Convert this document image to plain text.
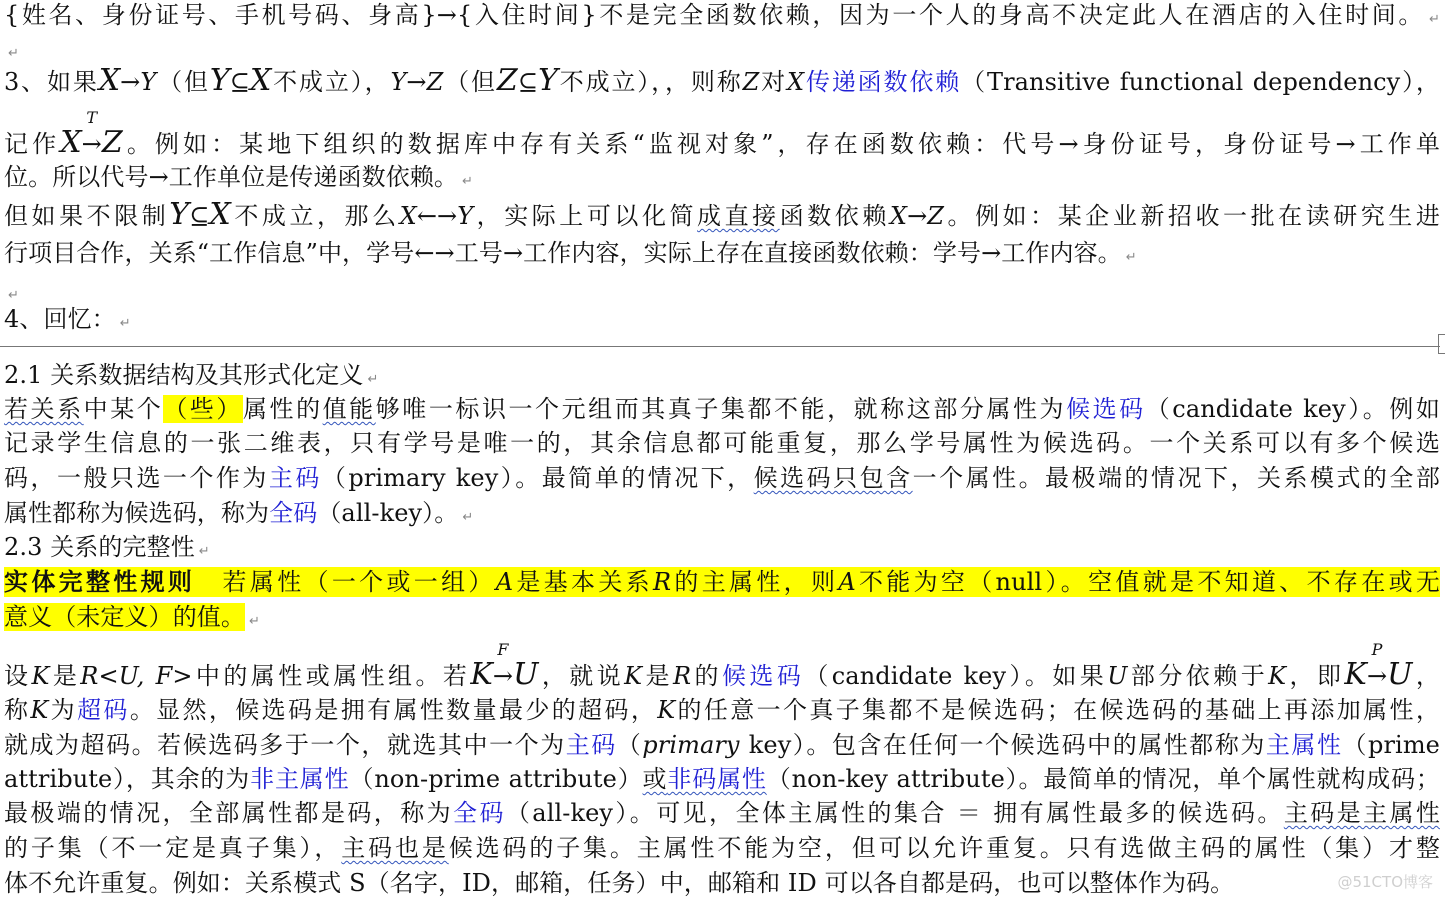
{姓名、身份证号、手机号码、身高}→{入住时间}不是完全函数依赖，因为一个人的身高不决定此人在酒店的入住时间。 ↵
↵
3、如果X→Y（但Y⊆X不成立），Y→Z（但Z⊆Y不成立），，则称Z对X传递函数依赖（Transitive functional dependency），
记作X
T
→Z。例如：某地下组织的数据库中存有关系“监视对象”，存在函数依赖：代号→身份证号，身份证号→工作单
位。所以代号→工作单位是传递函数依赖。 ↵
但如果不限制Y⊆X不成立，那么X←→Y，实际上可以化简成直接函数依赖X→Z。例如：某企业新招收一批在读研究生进
行项目合作，关系“工作信息”中，学号←→工号→工作内容，实际上存在直接函数依赖：学号→工作内容。 ↵
↵
4、回忆： ↵
2.1 关系数据结构及其形式化定义 ↵
若关系中某个（些）属性的值能够唯一标识一个元组而其真子集都不能，就称这部分属性为候选码（candidate key）。例如
记录学生信息的一张二维表，只有学号是唯一的，其余信息都可能重复，那么学号属性为候选码。一个关系可以有多个候选
码，一般只选一个作为主码（primary key）。最简单的情况下，候选码只包含一个属性。最极端的情况下，关系模式的全部
属性都称为候选码，称为全码（all-key）。 ↵
2.3 关系的完整性 ↵
实体完整性规则　若属性（一个或一组）A是基本关系R的主属性，则A不能为空（null）。空值就是不知道、不存在或无
意义（未定义）的值。 ↵
设K是R<U, F>中的属性或属性组。若K
F
→U，就说K是R的候选码（candidate key）。如果U部分依赖于K，即K
P
→U，
称K为超码。显然，候选码是拥有属性数量最少的超码，K的任意一个真子集都不是候选码；在候选码的基础上再添加属性，
就成为超码。若候选码多于一个，就选其中一个为主码（primary key）。包含在任何一个候选码中的属性都称为主属性（prime
attribute），其余的为非主属性（non-prime attribute）或非码属性（non-key attribute）。最简单的情况，单个属性就构成码；
最极端的情况，全部属性都是码，称为全码（all-key）。可见，全体主属性的集合 ＝ 拥有属性最多的候选码。主码是主属性
的子集（不一定是真子集），主码也是候选码的子集。主属性不能为空，但可以允许重复。只有选做主码的属性（集）才整
体不允许重复。例如：关系模式 S（名字，ID，邮箱，任务）中，邮箱和 ID 可以各自都是码，也可以整体作为码。	@51CTO博客
